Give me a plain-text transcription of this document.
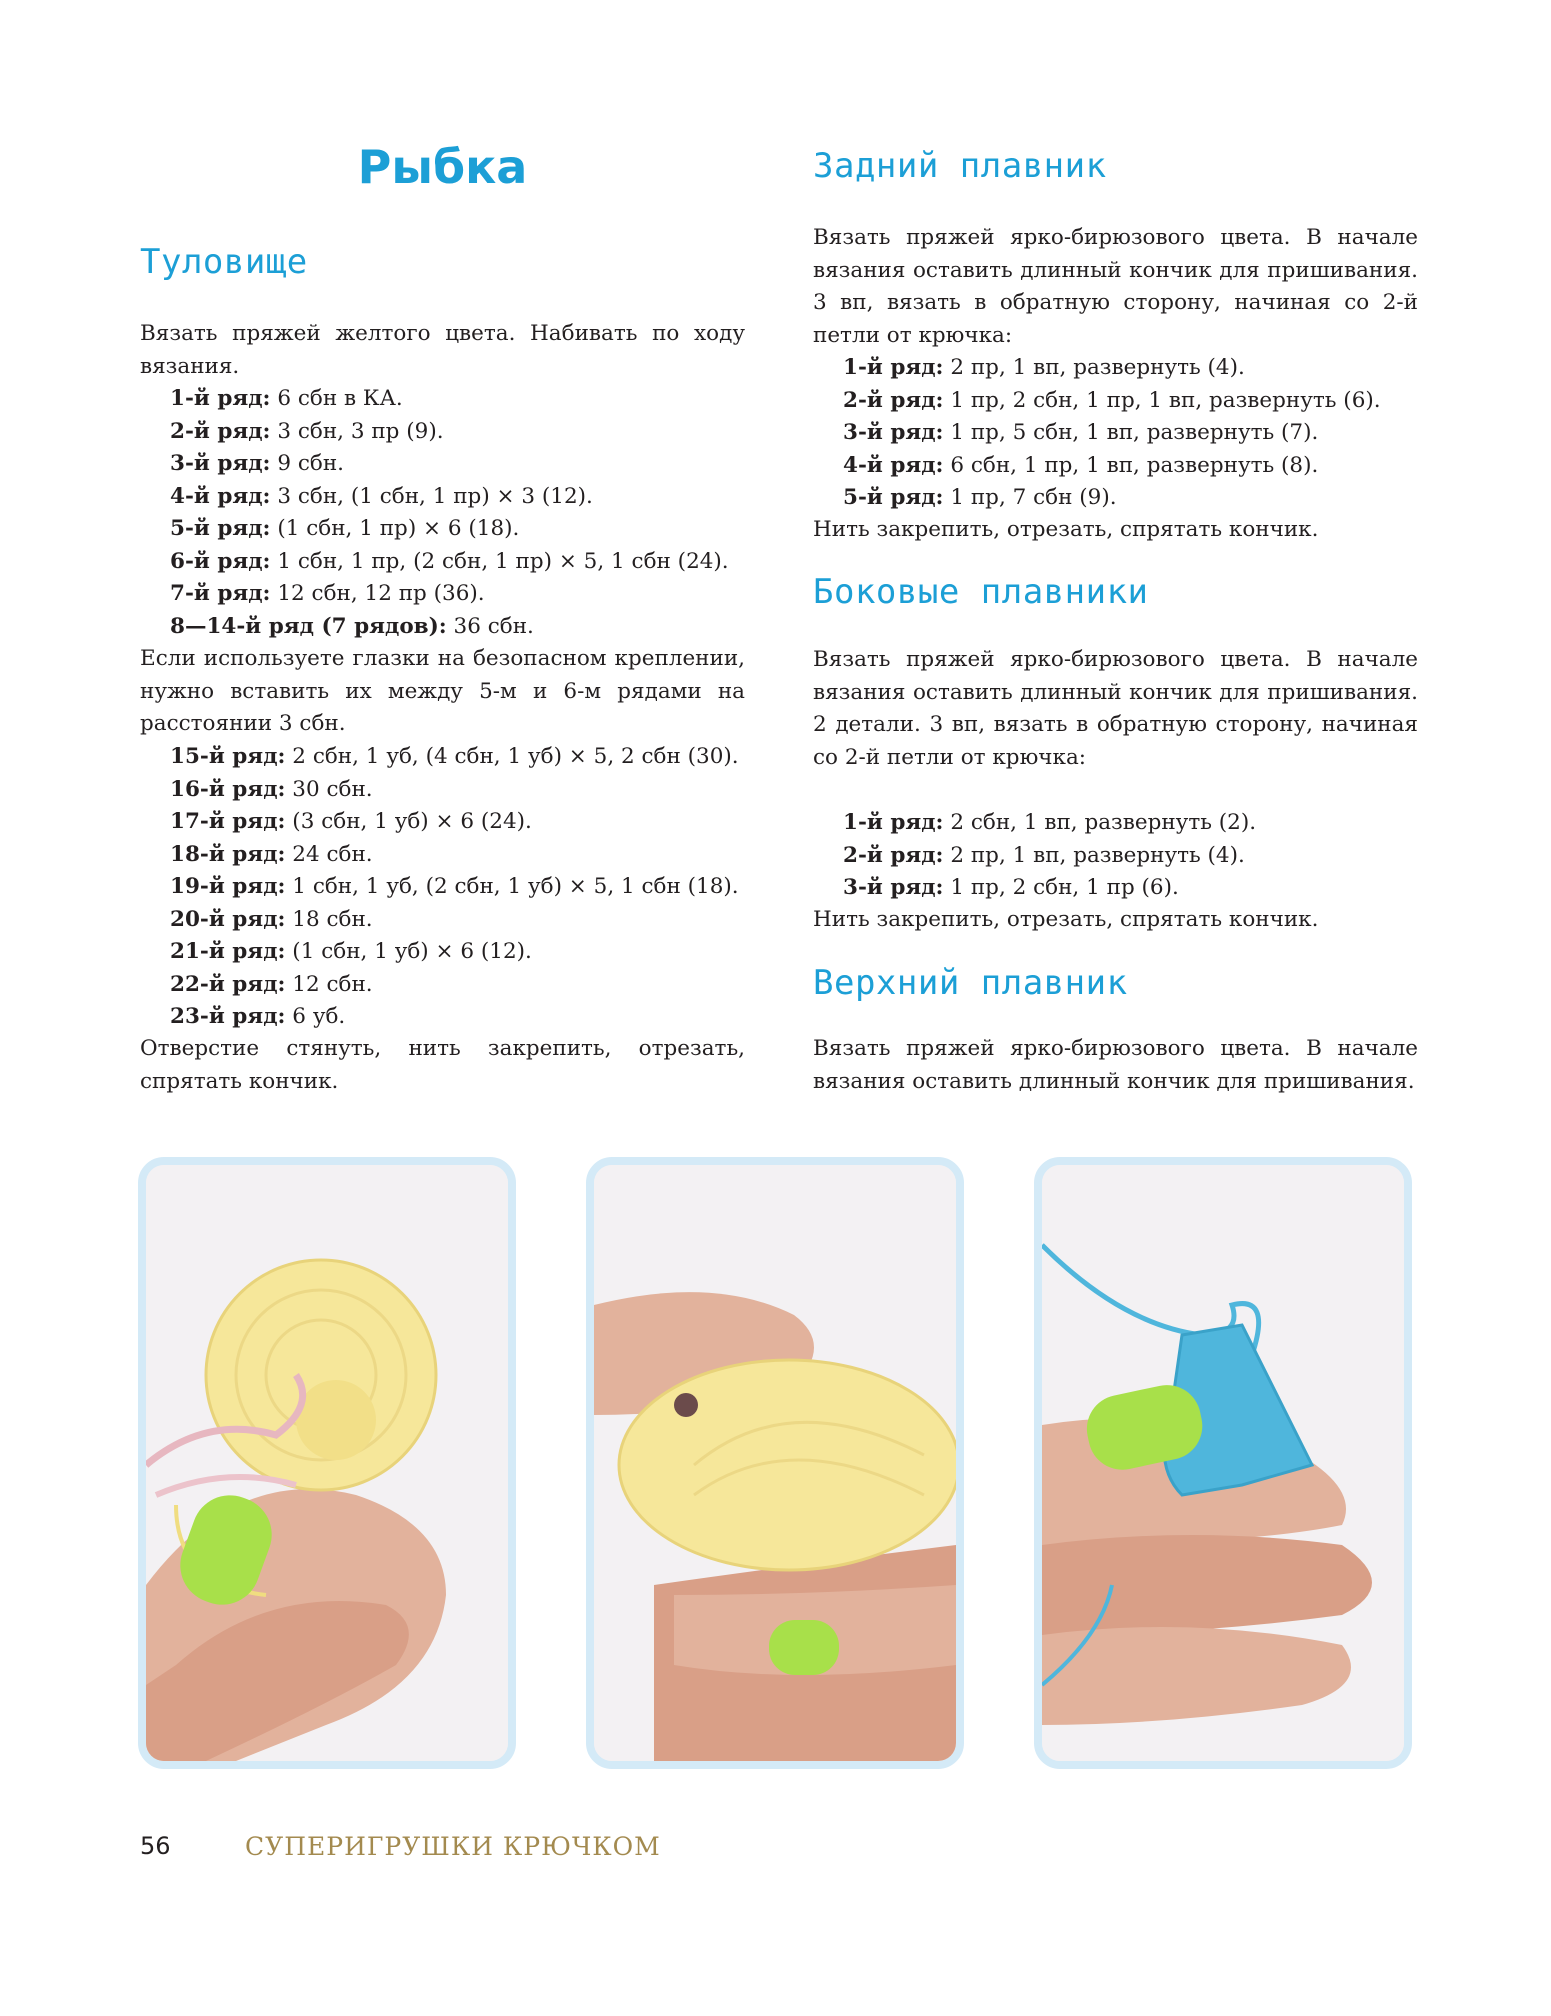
Рыбка
Туловище

Вязать пряжей желтого цвета. Набивать по ходу вязания.

1-й ряд: 6 сбн в КА.
2-й ряд: 3 сбн, 3 пр (9).
3-й ряд: 9 сбн.
4-й ряд: 3 сбн, (1 сбн, 1 пр) × 3 (12).
5-й ряд: (1 сбн, 1 пр) × 6 (18).
6-й ряд: 1 сбн, 1 пр, (2 сбн, 1 пр) × 5, 1 сбн (24).
7-й ряд: 12 сбн, 12 пр (36).
8—14-й ряд (7 рядов): 36 сбн.

Если используете глазки на безопасном креплении, нужно вставить их между 5-м и 6-м рядами на расстоянии 3 сбн.

15-й ряд: 2 сбн, 1 уб, (4 сбн, 1 уб) × 5, 2 сбн (30).
16-й ряд: 30 сбн.
17-й ряд: (3 сбн, 1 уб) × 6 (24).
18-й ряд: 24 сбн.
19-й ряд: 1 сбн, 1 уб, (2 сбн, 1 уб) × 5, 1 сбн (18).
20-й ряд: 18 сбн.
21-й ряд: (1 сбн, 1 уб) × 6 (12).
22-й ряд: 12 сбн.
23-й ряд: 6 уб.

Отверстие стянуть, нить закрепить, отрезать, спрятать кончик.

Задний плавник

Вязать пряжей ярко-бирюзового цвета. В начале вязания оставить длинный кончик для пришивания. 3 вп, вязать в обратную сторону, начиная со 2-й петли от крючка:

1-й ряд: 2 пр, 1 вп, развернуть (4).
2-й ряд: 1 пр, 2 сбн, 1 пр, 1 вп, развернуть (6).
3-й ряд: 1 пр, 5 сбн, 1 вп, развернуть (7).
4-й ряд: 6 сбн, 1 пр, 1 вп, развернуть (8).
5-й ряд: 1 пр, 7 сбн (9).

Нить закрепить, отрезать, спрятать кончик.

Боковые плавники

Вязать пряжей ярко-бирюзового цвета. В начале вязания оставить длинный кончик для пришивания. 2 детали. 3 вп, вязать в обратную сторону, начиная со 2-й петли от крючка:

1-й ряд: 2 сбн, 1 вп, развернуть (2).
2-й ряд: 2 пр, 1 вп, развернуть (4).
3-й ряд: 1 пр, 2 сбн, 1 пр (6).

Нить закрепить, отрезать, спрятать кончик.

Верхний плавник

Вязать пряжей ярко-бирюзового цвета. В начале вязания оставить длинный кончик для пришивания.

56	СУПЕРИГРУШКИ КРЮЧКОМ
